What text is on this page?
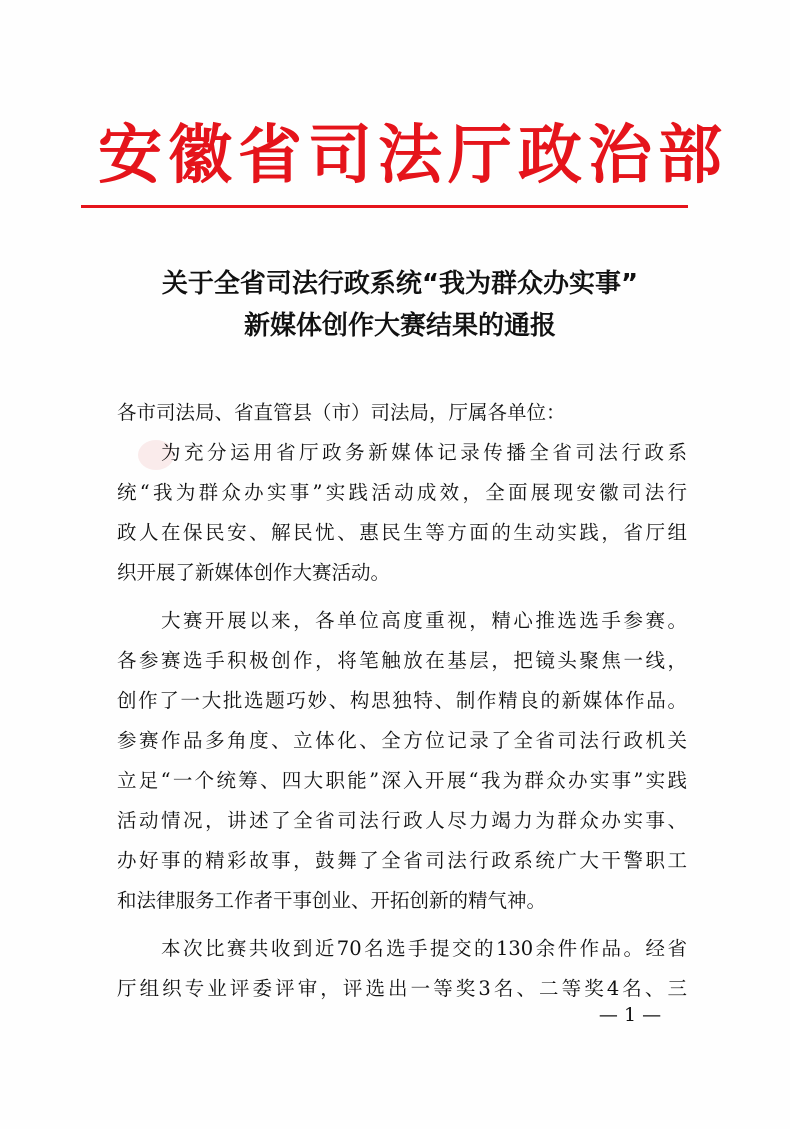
安徽省司法厅政治部
关于全省司法行政系统“我为群众办实事”
新媒体创作大赛结果的通报
各市司法局、省直管县（市）司法局，厅属各单位：
为充分运用省厅政务新媒体记录传播全省司法行政系
统“我为群众办实事”实践活动成效，全面展现安徽司法行
政人在保民安、解民忧、惠民生等方面的生动实践，省厅组
织开展了新媒体创作大赛活动。
大赛开展以来，各单位高度重视，精心推选选手参赛。
各参赛选手积极创作，将笔触放在基层，把镜头聚焦一线，
创作了一大批选题巧妙、构思独特、制作精良的新媒体作品。
参赛作品多角度、立体化、全方位记录了全省司法行政机关
立足“一个统筹、四大职能”深入开展“我为群众办实事”实践
活动情况，讲述了全省司法行政人尽力竭力为群众办实事、
办好事的精彩故事，鼓舞了全省司法行政系统广大干警职工
和法律服务工作者干事创业、开拓创新的精气神。
本次比赛共收到近70名选手提交的130余件作品。经省
厅组织专业评委评审，评选出一等奖3名、二等奖4名、三
— 1 —
